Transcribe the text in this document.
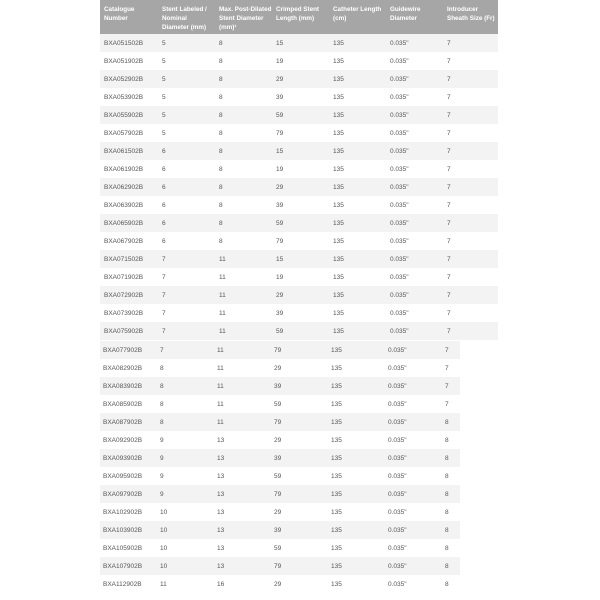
Catalogue Number	Stent Labeled / Nominal Diameter (mm)	Max. Post-Dilated Stent Diameter (mm)¹	Crimped Stent Length (mm)	Catheter Length (cm)	Guidewire Diameter	Introducer Sheath Size (Fr)
BXA051502B	5	8	15	135	0.035"	7
BXA051902B	5	8	19	135	0.035"	7
BXA052902B	5	8	29	135	0.035"	7
BXA053902B	5	8	39	135	0.035"	7
BXA055902B	5	8	59	135	0.035"	7
BXA057902B	5	8	79	135	0.035"	7
BXA061502B	6	8	15	135	0.035"	7
BXA061902B	6	8	19	135	0.035"	7
BXA062902B	6	8	29	135	0.035"	7
BXA063902B	6	8	39	135	0.035"	7
BXA065902B	6	8	59	135	0.035"	7
BXA067902B	6	8	79	135	0.035"	7
BXA071502B	7	11	15	135	0.035"	7
BXA071902B	7	11	19	135	0.035"	7
BXA072902B	7	11	29	135	0.035"	7
BXA073902B	7	11	39	135	0.035"	7
BXA075902B	7	11	59	135	0.035"	7
BXA077902B	7	11	79	135	0.035"	7
BXA082902B	8	11	29	135	0.035"	7
BXA083902B	8	11	39	135	0.035"	7
BXA085902B	8	11	59	135	0.035"	7
BXA087902B	8	11	79	135	0.035"	8
BXA092902B	9	13	29	135	0.035"	8
BXA093902B	9	13	39	135	0.035"	8
BXA095902B	9	13	59	135	0.035"	8
BXA097902B	9	13	79	135	0.035"	8
BXA102902B	10	13	29	135	0.035"	8
BXA103902B	10	13	39	135	0.035"	8
BXA105902B	10	13	59	135	0.035"	8
BXA107902B	10	13	79	135	0.035"	8
BXA112902B	11	16	29	135	0.035"	8
